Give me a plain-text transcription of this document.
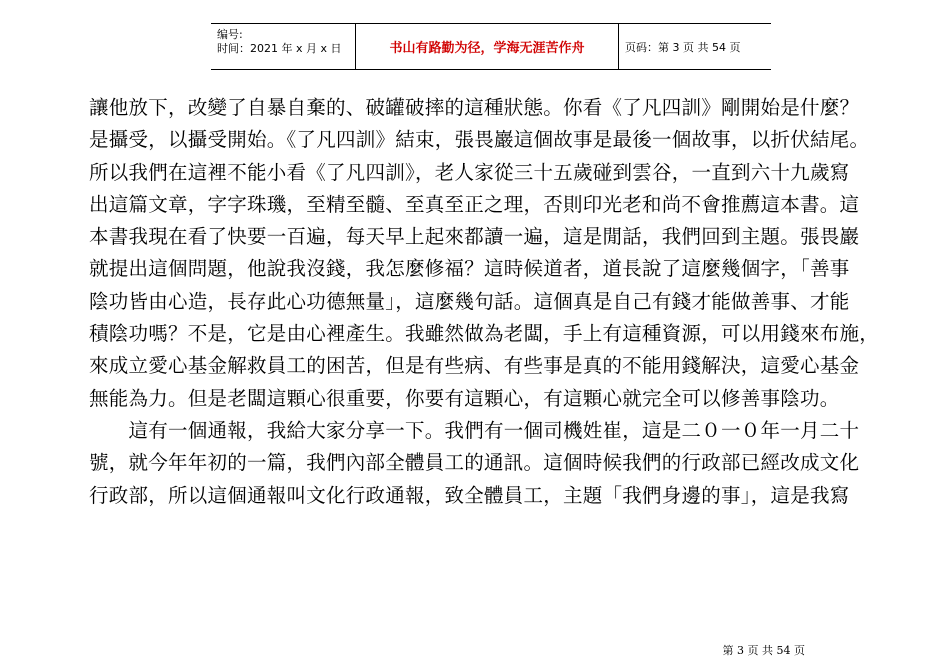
编号:
时间：2021 年 x 月 x 日	书山有路勤为径，学海无涯苦作舟	页码：第 3 页 共 54 页
讓他放下，改變了自暴自棄的、破罐破摔的這種狀態。你看《了凡四訓》剛開始是什麼？
是攝受，以攝受開始。《了凡四訓》結束，張畏巖這個故事是最後一個故事，以折伏結尾。
所以我們在這裡不能小看《了凡四訓》，老人家從三十五歲碰到雲谷，一直到六十九歲寫
出這篇文章，字字珠璣，至精至髓、至真至正之理，否則印光老和尚不會推薦這本書。這
本書我現在看了快要一百遍，每天早上起來都讀一遍，這是閒話，我們回到主題。張畏巖
就提出這個問題，他說我沒錢，我怎麼修福？這時候道者，道長說了這麼幾個字，「善事
陰功皆由心造，長存此心功德無量」，這麼幾句話。這個真是自己有錢才能做善事、才能
積陰功嗎？不是，它是由心裡產生。我雖然做為老闆，手上有這種資源，可以用錢來布施，
來成立愛心基金解救員工的困苦，但是有些病、有些事是真的不能用錢解決，這愛心基金
無能為力。但是老闆這顆心很重要，你要有這顆心，有這顆心就完全可以修善事陰功。
　　這有一個通報，我給大家分享一下。我們有一個司機姓崔，這是二０一０年一月二十
號，就今年年初的一篇，我們內部全體員工的通訊。這個時候我們的行政部已經改成文化
行政部，所以這個通報叫文化行政通報，致全體員工，主題「我們身邊的事」，這是我寫
第 3 页 共 54 页
